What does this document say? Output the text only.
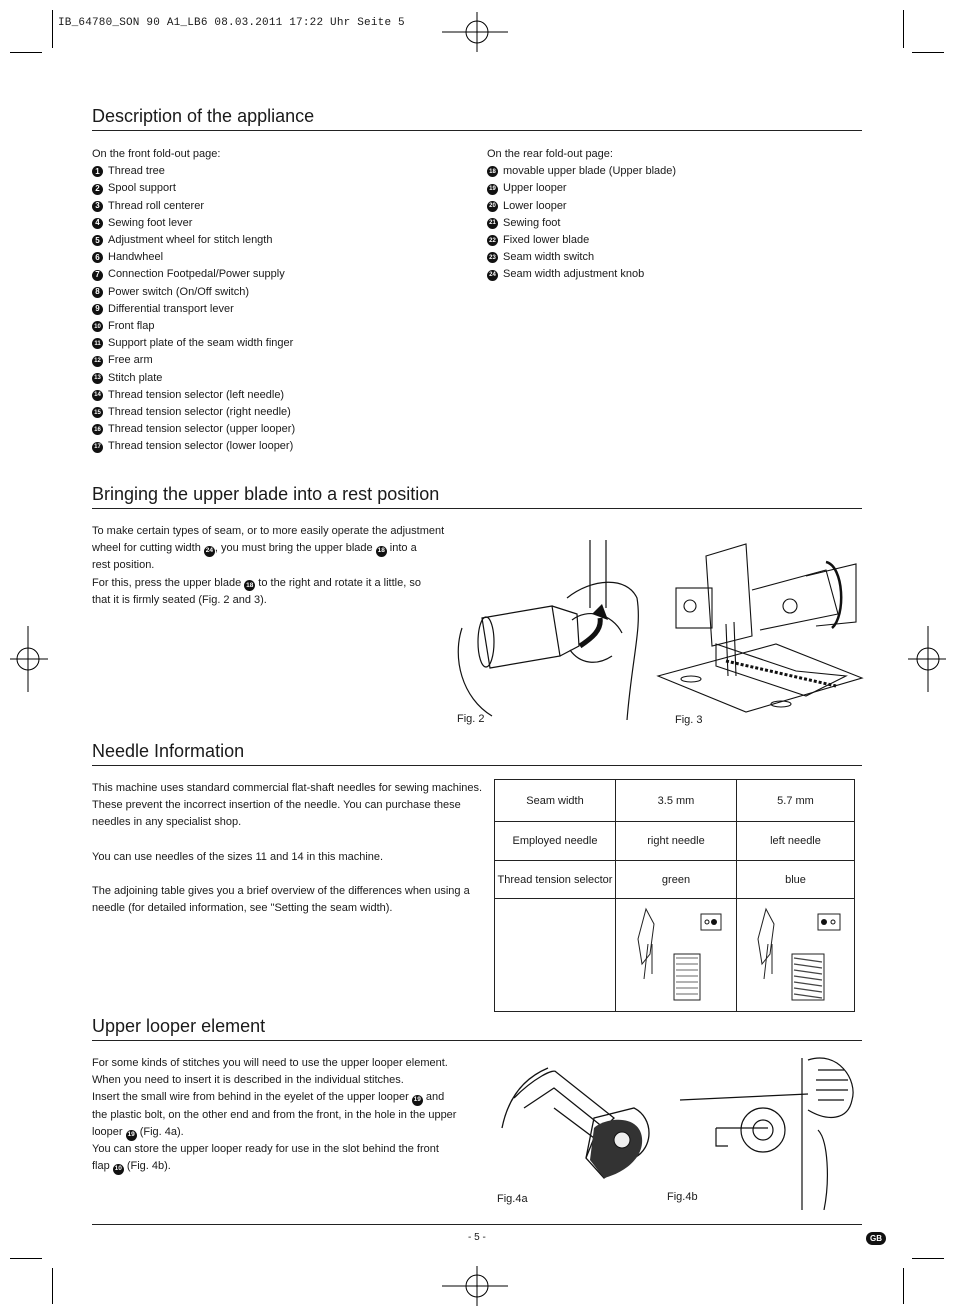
IB_64780_SON 90 A1_LB6 08.03.2011 17:22 Uhr Seite 5
Description of the appliance
On the front fold-out page:
1 Thread tree
2 Spool support
3 Thread roll centerer
4 Sewing foot lever
5 Adjustment wheel for stitch length
6 Handwheel
7 Connection Footpedal/Power supply
8 Power switch (On/Off switch)
9 Differential transport lever
10 Front flap
11 Support plate of the seam width finger
12 Free arm
13 Stitch plate
14 Thread tension selector (left needle)
15 Thread tension selector (right needle)
16 Thread tension selector (upper looper)
17 Thread tension selector (lower looper)
On the rear fold-out page:
18 movable upper blade (Upper blade)
19 Upper looper
20 Lower looper
21 Sewing foot
22 Fixed lower blade
23 Seam width switch
24 Seam width adjustment knob
Bringing the upper blade into a rest position

To make certain types of seam, or to more easily operate the adjustment

wheel for cutting width 24 , you must bring the upper blade 18 into a

rest position.

For this, press the upper blade 18 to the right and rotate it a little, so

that it is firmly seated (Fig. 2 and 3).

Fig. 2	Fig. 3
Needle Information

This machine uses standard commercial flat-shaft needles for sewing machines.

These prevent the incorrect insertion of the needle. You can purchase these

needles in any specialist shop.

You can use needles of the sizes 11 and 14 in this machine.

The adjoining table gives you a brief overview of the differences when using a

needle (for detailed information, see "Setting the seam width).

Seam width	3.5 mm	5.7 mm
Employed needle	right needle	left needle
Thread tension selector	green	blue

Upper looper element

For some kinds of stitches you will need to use the upper looper element.

When you need to insert it is described in the individual stitches.

Insert the small wire from behind in the eyelet of the upper looper 19 and

the plastic bolt, on the other end and from the front, in the hole in the upper

looper 19 (Fig. 4a).

You can store the upper looper ready for use in the slot behind the front

flap 10 (Fig. 4b).

Fig.4a	Fig.4b
- 5 -	GB
